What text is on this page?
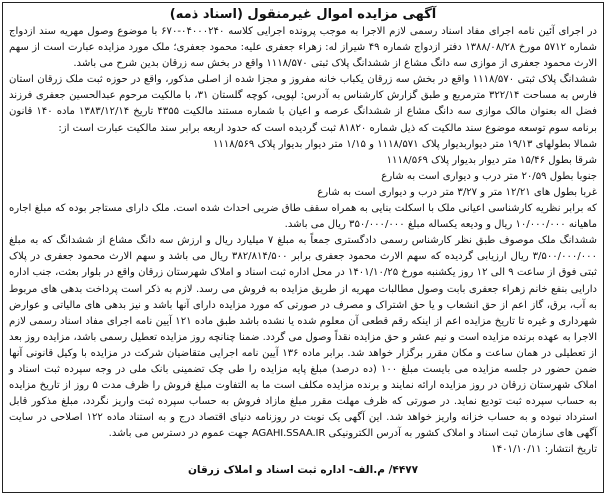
آگهی مزایده اموال غیرمنقول (اسناد ذمه)

در اجرای آئین نامه اجرای مفاد اسناد رسمی لازم الاجرا به موجب پرونده اجرایی کلاسه ۰۴۰۰۰۲۴۰-۶۷۰ با موضوع وصول مهریه سند ازدواج شماره ۵۷۱۲ مورخ ۱۳۸۸/۰۸/۲۸ دفتر ازدواج شماره ۴۹ شیراز له: زهراء جعفری علیه: محمود جعفری؛ ملک مورد مزایده عبارت است از سهم الارث محمود جعفری از موازی سه دانگ مشاع از ششدانگ پلاک ثبتی ۱۱۱۸/۵۷۰ واقع در بخش سه زرقان بدین شرح می باشد.

ششدانگ پلاک ثبتی ۱۱۱۸/۵۷۰ واقع در بخش سه زرقان یکباب خانه مفروز و مجزا شده از اصلی مذکور، واقع در حوزه ثبت ملک زرقان استان فارس به مساحت ۳۲۲/۱۴ مترمربع و طبق گزارش کارشناس به آدرس: لپویی، کوچه گلستان ۳۱، با مالکیت مرحوم عبدالحسین جعفری فرزند فضل اله بعنوان مالک موازی سه دانگ مشاع از ششدانگ عرصه و اعیان با شماره مستند مالکیت ۴۳۵۵ تاریخ ۱۳۸۳/۱۲/۱۴ ماده ۱۴۰ قانون برنامه سوم توسعه موضوع سند مالکیت که ذیل شماره ۸۱۸۲۰ ثبت گردیده است که حدود اربعه برابر سند مالکیت عبارت است از:

شمالا بطولهای ۱۹/۱۳ متر دیواربدیوار پلاک ۱۱۱۸/۵۷۱ و ۱/۱۵ متر دیوار بدیوار پلاک ۱۱۱۸/۵۶۹
شرقا بطول ۱۵/۴۶ متر دیوار بدیوار پلاک ۱۱۱۸/۵۶۹
جنوبا بطول ۲۰/۵۹ متر درب و دیواری است به شارع
غربا بطول های ۱۲/۲۱ متر و ۳/۲۷ متر درب و دیواری است به شارع

که برابر نظریه کارشناسی اعیانی ملک با اسکلت بنایی به همراه سقف طاق ضربی احداث شده است. ملک دارای مستاجر بوده که مبلغ اجاره ماهیانه ۱۰/۰۰۰/۰۰۰ ریال و ودیعه یکساله مبلغ ۳۵۰/۰۰۰/۰۰۰ ریال می باشد.

ششدانگ ملک موصوف طبق نظر کارشناس رسمی دادگستری جمعاً به مبلغ ۷ میلیارد ریال و ارزش سه دانگ مشاع از ششدانگ که به مبلغ ۳/۵۰۰/۰۰۰/۰۰۰ ریال ارزیابی گردیده که سهم الارث محمود جعفری برابر ۳۸۲/۸۱۴/۵۰۰ ریال می باشد و سهم الارث محمود جعفری در پلاک ثبتی فوق از ساعت ۹ الی ۱۲ روز یکشنبه مورخ ۱۴۰۱/۱۰/۲۵ در محل اداره ثبت اسناد و املاک شهرستان زرقان واقع در بلوار بعثت، جنب اداره دارایی بنفع خانم زهراء جعفری بابت وصول مطالبات مهریه از طریق مزایده به فروش می رسد. لازم به ذکر است پرداخت بدهی های مربوط به آب، برق، گاز اعم از حق انشعاب و یا حق اشتراک و مصرف در صورتی که مورد مزایده دارای آنها باشد و نیز بدهی های مالیاتی و عوارض شهرداری و غیره تا تاریخ مزایده اعم از اینکه رقم قطعی آن معلوم شده یا نشده باشد طبق ماده ۱۲۱ آیین نامه اجرای مفاد اسناد رسمی لازم الاجرا به عهده برنده مزایده است و نیم عشر و حق مزایده نقداً وصول می گردد. ضمنا چنانچه روز مزایده تعطیل رسمی باشد، مزایده روز بعد از تعطیلی در همان ساعت و مکان مقرر برگزار خواهد شد. برابر ماده ۱۳۶ آیین نامه اجرایی متقاضیان شرکت در مزایده با وکیل قانونی آنها ضمن حضور در جلسه مزایده می بایست مبلغ ۱۰۰ (ده درصد) مبلغ پایه مزایده را طی چک تضمینی بانک ملی در وجه سپرده ثبت اسناد و املاک شهرستان زرقان در روز مزایده ارائه نمایند و برنده مزایده مکلف است ما به التفاوت مبلغ فروش را ظرف مدت ۵ روز از تاریخ مزایده به حساب سپرده ثبت تودیع نماید. در صورتی که ظرف مهلت مقرر مبلغ مازاد فروش به حساب سپرده ثبت واریز نگردد، مبلغ مذکور قابل استرداد نبوده و به حساب خزانه واریز خواهد شد. این آگهی یک نوبت در روزنامه دنیای اقتصاد درج و به استناد ماده ۱۲۲ اصلاحی در سایت آگهی های سازمان ثبت اسناد و املاک کشور به آدرس الکترونیکی AGAHI.SSAA.IR جهت عموم در دسترس می باشد.

تاریخ انتشار: ۱۴۰۱/۱۰/۱۱
۴۴۷۷/ م.الف- اداره ثبت اسناد و املاک زرقان
